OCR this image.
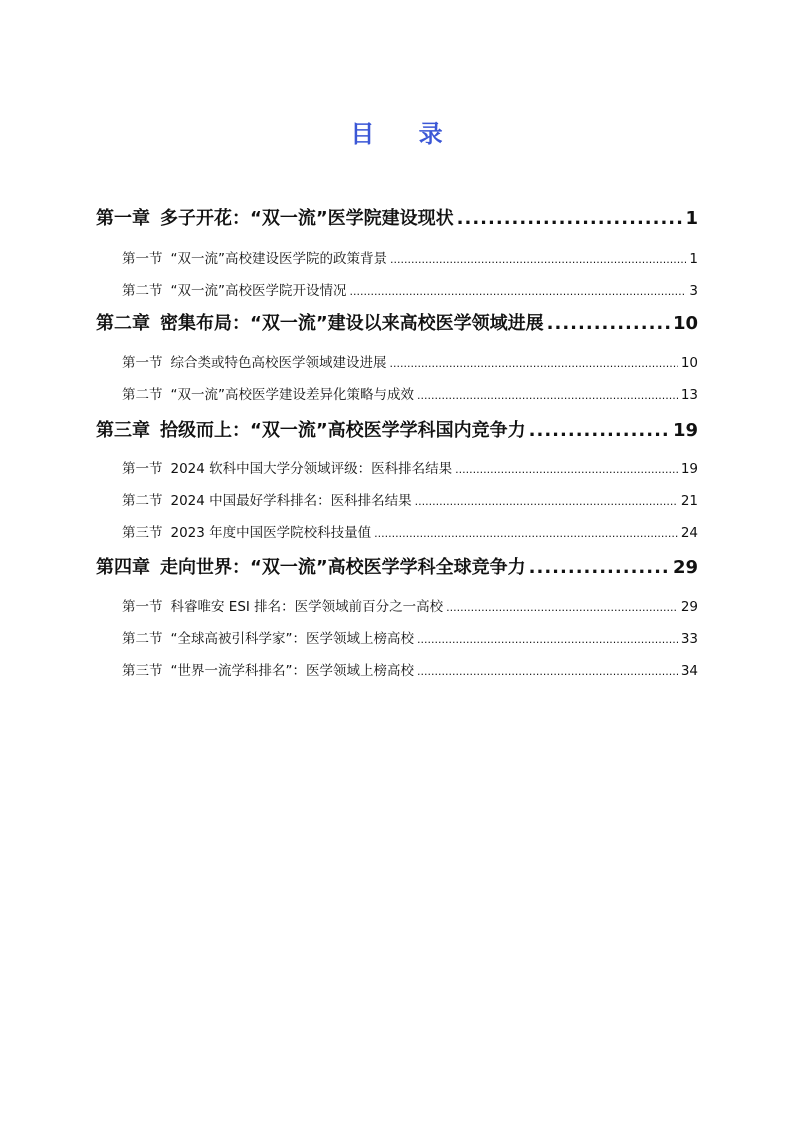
目 录
第一章 多子开花：“双一流”医学院建设现状 .....	1
第一节 “双一流”高校建设医学院的政策背景 .....	1
第二节 “双一流”高校医学院开设情况 .....	3
第二章 密集布局：“双一流”建设以来高校医学领域进展 .....	10
第一节 综合类或特色高校医学领域建设进展 .....	10
第二节 “双一流”高校医学建设差异化策略与成效 .....	13
第三章 拾级而上：“双一流”高校医学学科国内竞争力 .....	19
第一节 2024 软科中国大学分领域评级：医科排名结果 .....	19
第二节 2024 中国最好学科排名：医科排名结果 .....	21
第三节 2023 年度中国医学院校科技量值 .....	24
第四章 走向世界：“双一流”高校医学学科全球竞争力 .....	29
第一节 科睿唯安 ESI 排名：医学领域前百分之一高校 .....	29
第二节 “全球高被引科学家”：医学领域上榜高校 .....	33
第三节 “世界一流学科排名”：医学领域上榜高校 .....	34
